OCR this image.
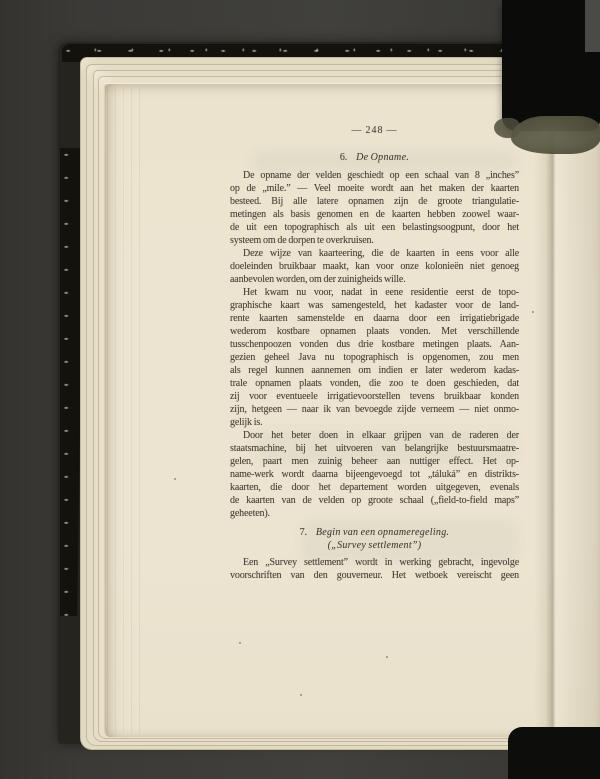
— 248 —
6. De Opname.
De opname der velden geschiedt op een schaal van 8 „inches”
op de „mile.” — Veel moeite wordt aan het maken der kaarten
besteed. Bij alle latere opnamen zijn de groote triangulatie-
metingen als basis genomen en de kaarten hebben zoowel waar-
de uit een topographisch als uit een belastingsoogpunt, door het
systeem om de dorpen te overkruisen.
Deze wijze van kaarteering, die de kaarten in eens voor alle
doeleinden bruikbaar maakt, kan voor onze kolonieën niet genoeg
aanbevolen worden, om der zuinigheids wille.
Het kwam nu voor, nadat in eene residentie eerst de topo-
graphische kaart was samengesteld, het kadaster voor de land-
rente kaarten samenstelde en daarna door een irrigatiebrigade
wederom kostbare opnamen plaats vonden. Met verschillende
tusschenpoozen vonden dus drie kostbare metingen plaats. Aan-
gezien geheel Java nu topographisch is opgenomen, zou men
als regel kunnen aannemen om indien er later wederom kadas-
trale opnamen plaats vonden, die zoo te doen geschieden, dat
zij voor eventueele irrigatievoorstellen tevens bruikbaar konden
zijn, hetgeen — naar ik van bevoegde zijde verneem — niet onmo-
gelijk is.
Door het beter doen in elkaar grijpen van de raderen der
staatsmachine, bij het uitvoeren van belangrijke bestuursmaatre-
gelen, paart men zuinig beheer aan nuttiger effect. Het op-
name-werk wordt daarna bijeengevoegd tot „táluká” en distrikts-
kaarten, die door het departement worden uitgegeven, evenals
de kaarten van de velden op groote schaal („field-to-field maps”
geheeten).
7. Begin van een opnameregeling.
(„Survey settlement”)
Een „Survey settlement” wordt in werking gebracht, ingevolge
voorschriften van den gouverneur. Het wetboek vereischt geen
